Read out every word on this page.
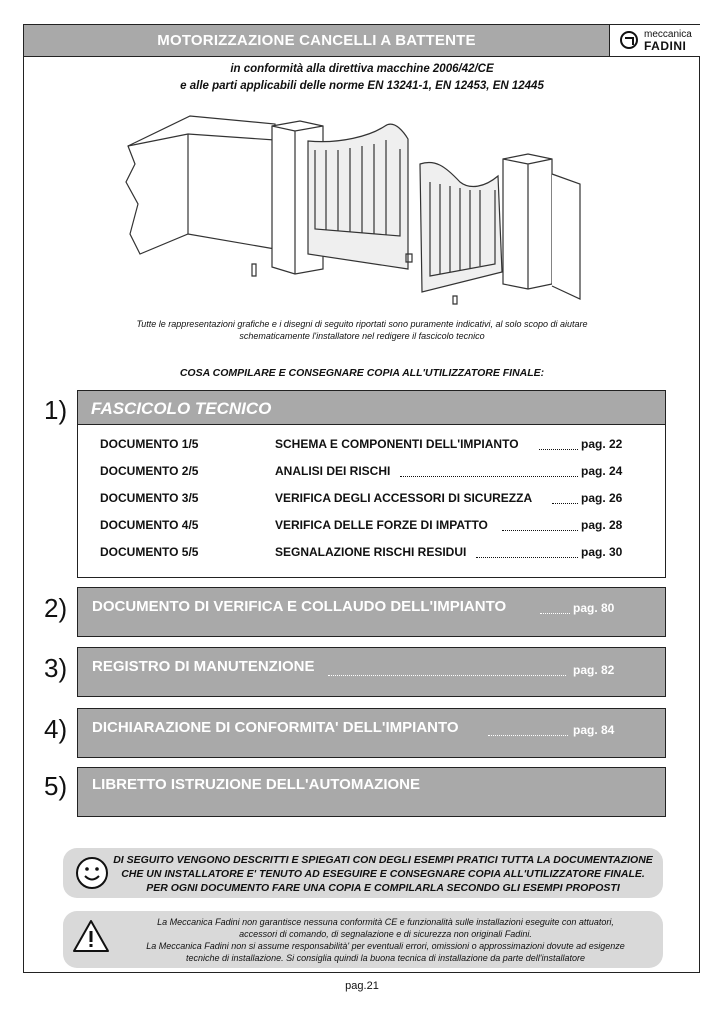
MOTORIZZAZIONE CANCELLI A BATTENTE	meccanica
FADINI
in conformità alla direttiva macchine 2006/42/CE
e alle parti applicabili delle norme EN 13241-1, EN 12453, EN 12445
Tutte le rappresentazioni grafiche e i disegni di seguito riportati sono puramente indicativi, al solo scopo di aiutare
schematicamente l'installatore nel redigere il fascicolo tecnico
COSA COMPILARE E CONSEGNARE COPIA ALL'UTILIZZATORE FINALE:
1) FASCICOLO TECNICO
DOCUMENTO 1/5	SCHEMA E COMPONENTI DELL'IMPIANTO	pag. 22
DOCUMENTO 2/5	ANALISI DEI RISCHI	pag. 24
DOCUMENTO 3/5	VERIFICA DEGLI ACCESSORI DI SICUREZZA	pag. 26
DOCUMENTO 4/5	VERIFICA DELLE FORZE DI IMPATTO	pag. 28
DOCUMENTO 5/5	SEGNALAZIONE RISCHI RESIDUI	pag. 30
2) DOCUMENTO DI VERIFICA E COLLAUDO DELL'IMPIANTO	pag. 80
3) REGISTRO DI MANUTENZIONE	pag. 82
4) DICHIARAZIONE DI CONFORMITA' DELL'IMPIANTO	pag. 84
5) LIBRETTO ISTRUZIONE DELL'AUTOMAZIONE
DI SEGUITO VENGONO DESCRITTI E SPIEGATI CON DEGLI ESEMPI PRATICI TUTTA LA DOCUMENTAZIONE
CHE UN INSTALLATORE E' TENUTO AD ESEGUIRE E CONSEGNARE COPIA ALL'UTILIZZATORE FINALE.
PER OGNI DOCUMENTO FARE UNA COPIA E COMPILARLA SECONDO GLI ESEMPI PROPOSTI
La Meccanica Fadini non garantisce nessuna conformità CE e funzionalità sulle installazioni eseguite con attuatori,
accessori di comando, di segnalazione e di sicurezza non originali Fadini.
La Meccanica Fadini non si assume responsabilità' per eventuali errori, omissioni o approssimazioni dovute ad esigenze
tecniche di installazione. Si consiglia quindi la buona tecnica di installazione da parte dell'installatore
pag.21
